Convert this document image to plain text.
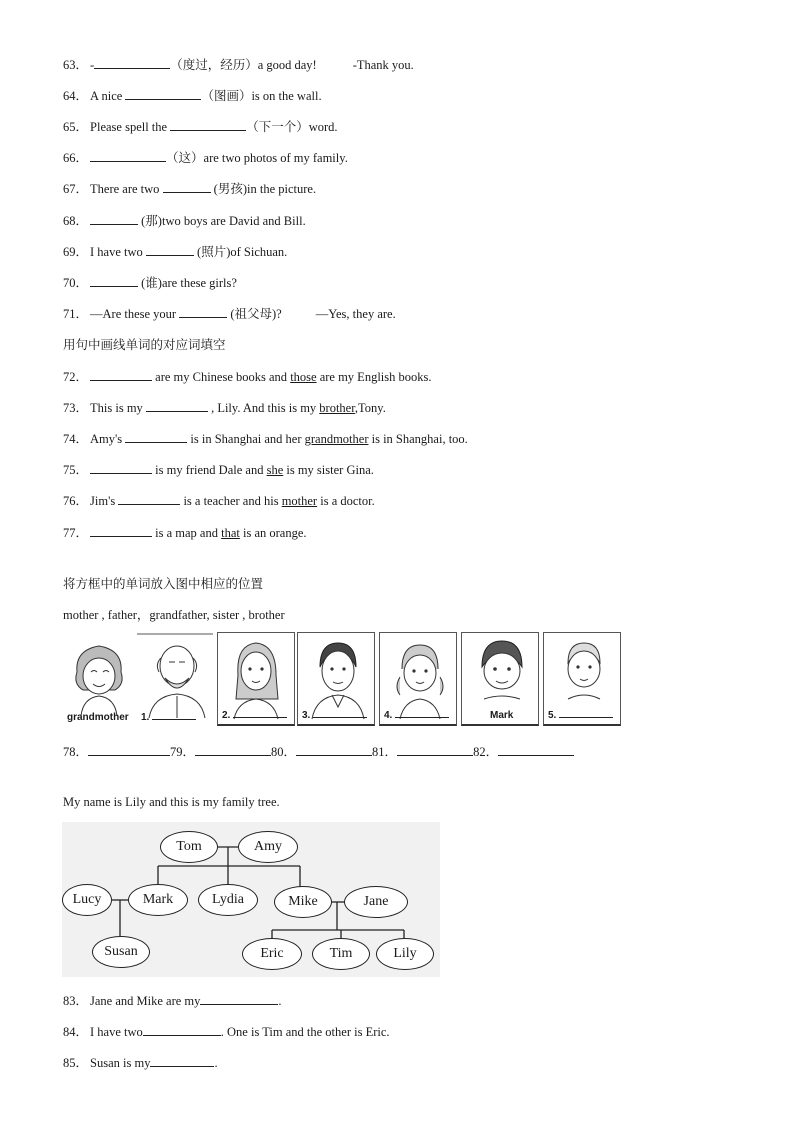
63． -	（度过，经历）a good day!	-Thank you.
64． A nice	（图画）is on the wall.
65． Please spell the	（下一个）word.
66．	（这）are two photos of my family.
67． There are two	(男孩)in the picture.
68．	(那)two boys are David and Bill.
69． I have two	(照片)of Sichuan.
70．	(谁)are these girls?
71． —Are these your	(祖父母)?	—Yes, they are.
用句中画线单词的对应词填空
72．	are my Chinese books and those are my English books.
73． This is my	, Lily. And this is my brother,Tony.
74． Amy's	is in Shanghai and her grandmother is in Shanghai, too.
75．	is my friend Dale and she is my sister Gina.
76． Jim's	is a teacher and his mother is a doctor.
77．	is a map and that is an orange.
将方框中的单词放入图中相应的位置
mother , father，grandfather, sister , brother
grandmother 1.	2.	3.	4.	Mark	5.
78．	79．	80．	81．	82．
My name is Lily and this is my family tree.
Tom	Amy
Lucy	Mark	Lydia	Mike	Jane
Susan	Eric	Tim	Lily
83． Jane and Mike are my	.
84． I have two	. One is Tim and the other is Eric.
85． Susan is my	.
